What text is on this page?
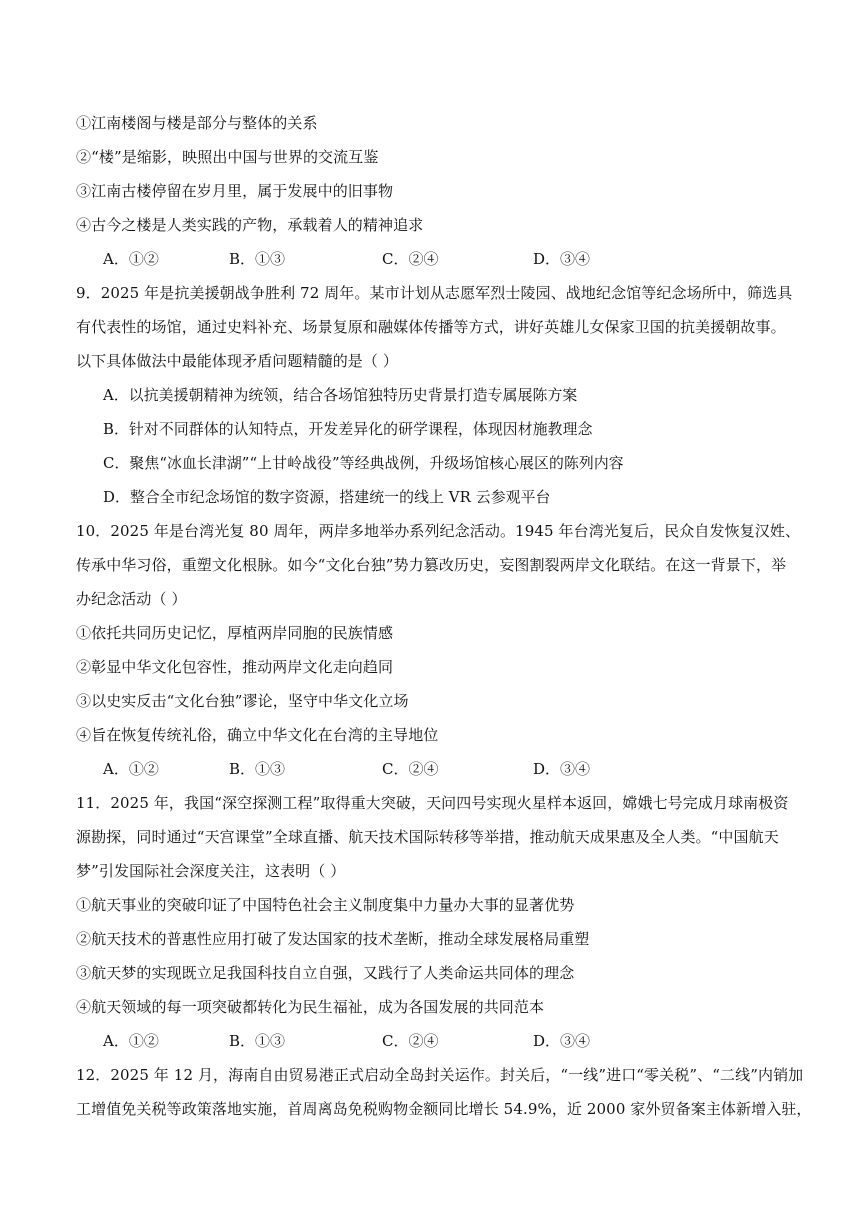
①江南楼阁与楼是部分与整体的关系
②“楼”是缩影，映照出中国与世界的交流互鉴
③江南古楼停留在岁月里，属于发展中的旧事物
④古今之楼是人类实践的产物，承载着人的精神追求
A．①②	B．①③	C．②④	D．③④
9．2025 年是抗美援朝战争胜利 72 周年。某市计划从志愿军烈士陵园、战地纪念馆等纪念场所中，筛选具
有代表性的场馆，通过史料补充、场景复原和融媒体传播等方式，讲好英雄儿女保家卫国的抗美援朝故事。
以下具体做法中最能体现矛盾问题精髓的是（ ）
A．以抗美援朝精神为统领，结合各场馆独特历史背景打造专属展陈方案
B．针对不同群体的认知特点，开发差异化的研学课程，体现因材施教理念
C．聚焦“冰血长津湖”“上甘岭战役”等经典战例，升级场馆核心展区的陈列内容
D．整合全市纪念场馆的数字资源，搭建统一的线上 VR 云参观平台
10．2025 年是台湾光复 80 周年，两岸多地举办系列纪念活动。1945 年台湾光复后，民众自发恢复汉姓、
传承中华习俗，重塑文化根脉。如今“文化台独”势力篡改历史，妄图割裂两岸文化联结。在这一背景下，举
办纪念活动（ ）
①依托共同历史记忆，厚植两岸同胞的民族情感
②彰显中华文化包容性，推动两岸文化走向趋同
③以史实反击“文化台独”谬论，坚守中华文化立场
④旨在恢复传统礼俗，确立中华文化在台湾的主导地位
A．①②	B．①③	C．②④	D．③④
11．2025 年，我国“深空探测工程”取得重大突破，天问四号实现火星样本返回，嫦娥七号完成月球南极资
源勘探，同时通过“天宫课堂”全球直播、航天技术国际转移等举措，推动航天成果惠及全人类。“中国航天
梦”引发国际社会深度关注，这表明（ ）
①航天事业的突破印证了中国特色社会主义制度集中力量办大事的显著优势
②航天技术的普惠性应用打破了发达国家的技术垄断，推动全球发展格局重塑
③航天梦的实现既立足我国科技自立自强，又践行了人类命运共同体的理念
④航天领域的每一项突破都转化为民生福祉，成为各国发展的共同范本
A．①②	B．①③	C．②④	D．③④
12．2025 年 12 月，海南自由贸易港正式启动全岛封关运作。封关后，“一线”进口“零关税”、“二线”内销加
工增值免关税等政策落地实施，首周离岛免税购物金额同比增长 54.9%，近 2000 家外贸备案主体新增入驻，
